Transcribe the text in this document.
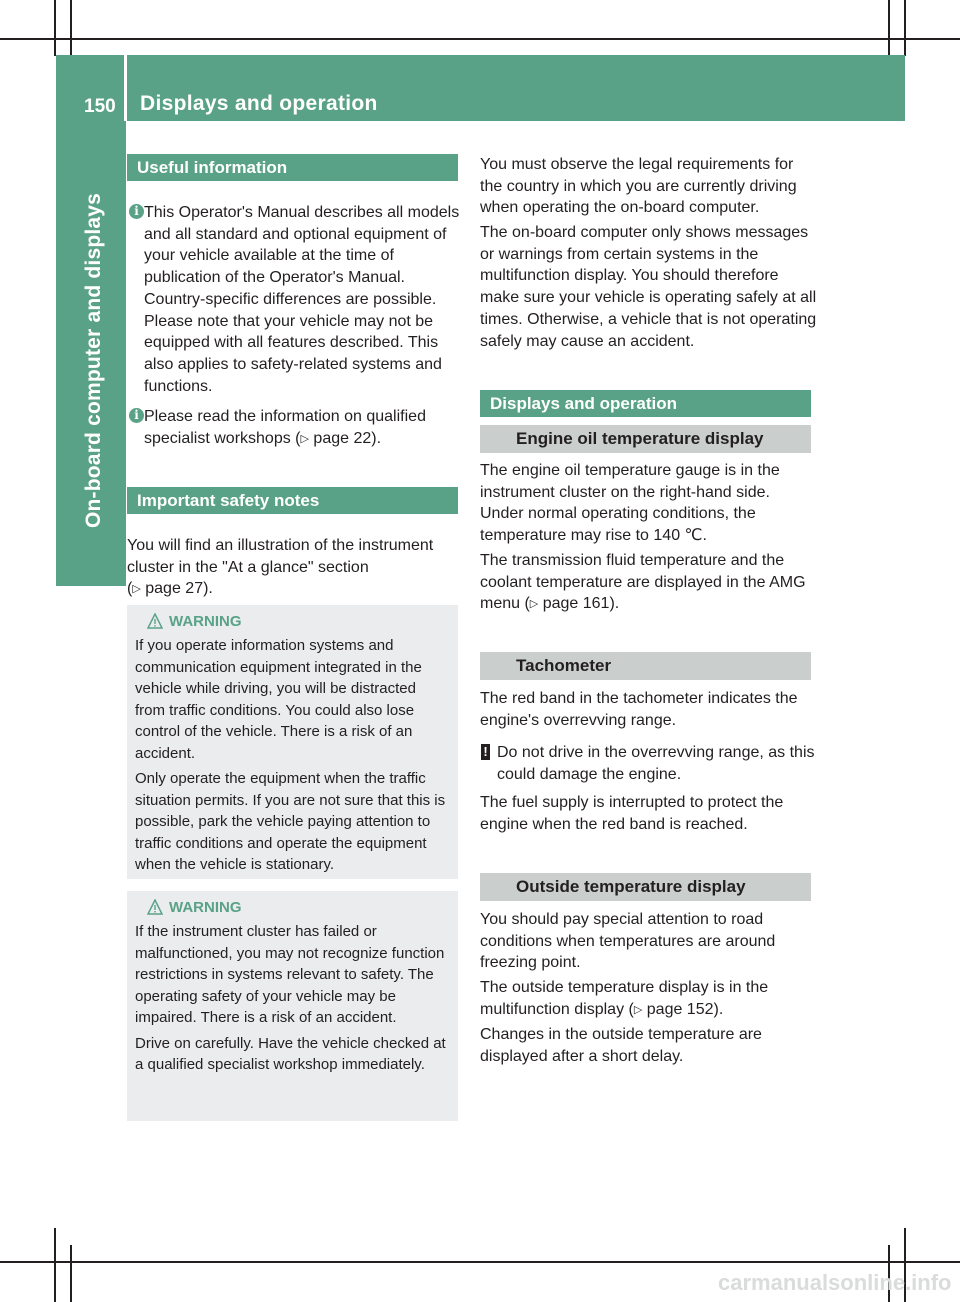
150 Displays and operation
On-board computer and displays
Useful information
i This Operator's Manual describes all models and all standard and optional equipment of your vehicle available at the time of publication of the Operator's Manual. Country-specific differences are possible. Please note that your vehicle may not be equipped with all features described. This also applies to safety-related systems and functions.
i Please read the information on qualified specialist workshops (▷ page 22).
Important safety notes

You will find an illustration of the instrument cluster in the "At a glance" section
(▷ page 27).

WARNING

If you operate information systems and communication equipment integrated in the vehicle while driving, you will be distracted from traffic conditions. You could also lose control of the vehicle. There is a risk of an accident.

Only operate the equipment when the traffic situation permits. If you are not sure that this is possible, park the vehicle paying attention to traffic conditions and operate the equipment when the vehicle is stationary.

WARNING

If the instrument cluster has failed or malfunctioned, you may not recognize function restrictions in systems relevant to safety. The operating safety of your vehicle may be impaired. There is a risk of an accident.

Drive on carefully. Have the vehicle checked at a qualified specialist workshop immediately.

You must observe the legal requirements for the country in which you are currently driving when operating the on-board computer.

The on-board computer only shows messages or warnings from certain systems in the multifunction display. You should therefore make sure your vehicle is operating safely at all times. Otherwise, a vehicle that is not operating safely may cause an accident.

Displays and operation
Engine oil temperature display

The engine oil temperature gauge is in the instrument cluster on the right-hand side. Under normal operating conditions, the temperature may rise to 140 ℃.

The transmission fluid temperature and the coolant temperature are displayed in the AMG menu (▷ page 161).

Tachometer

The red band in the tachometer indicates the engine's overrevving range.

! Do not drive in the overrevving range, as this could damage the engine.

The fuel supply is interrupted to protect the engine when the red band is reached.

Outside temperature display

You should pay special attention to road conditions when temperatures are around freezing point.

The outside temperature display is in the multifunction display (▷ page 152).

Changes in the outside temperature are displayed after a short delay.

carmanualsonline.info
